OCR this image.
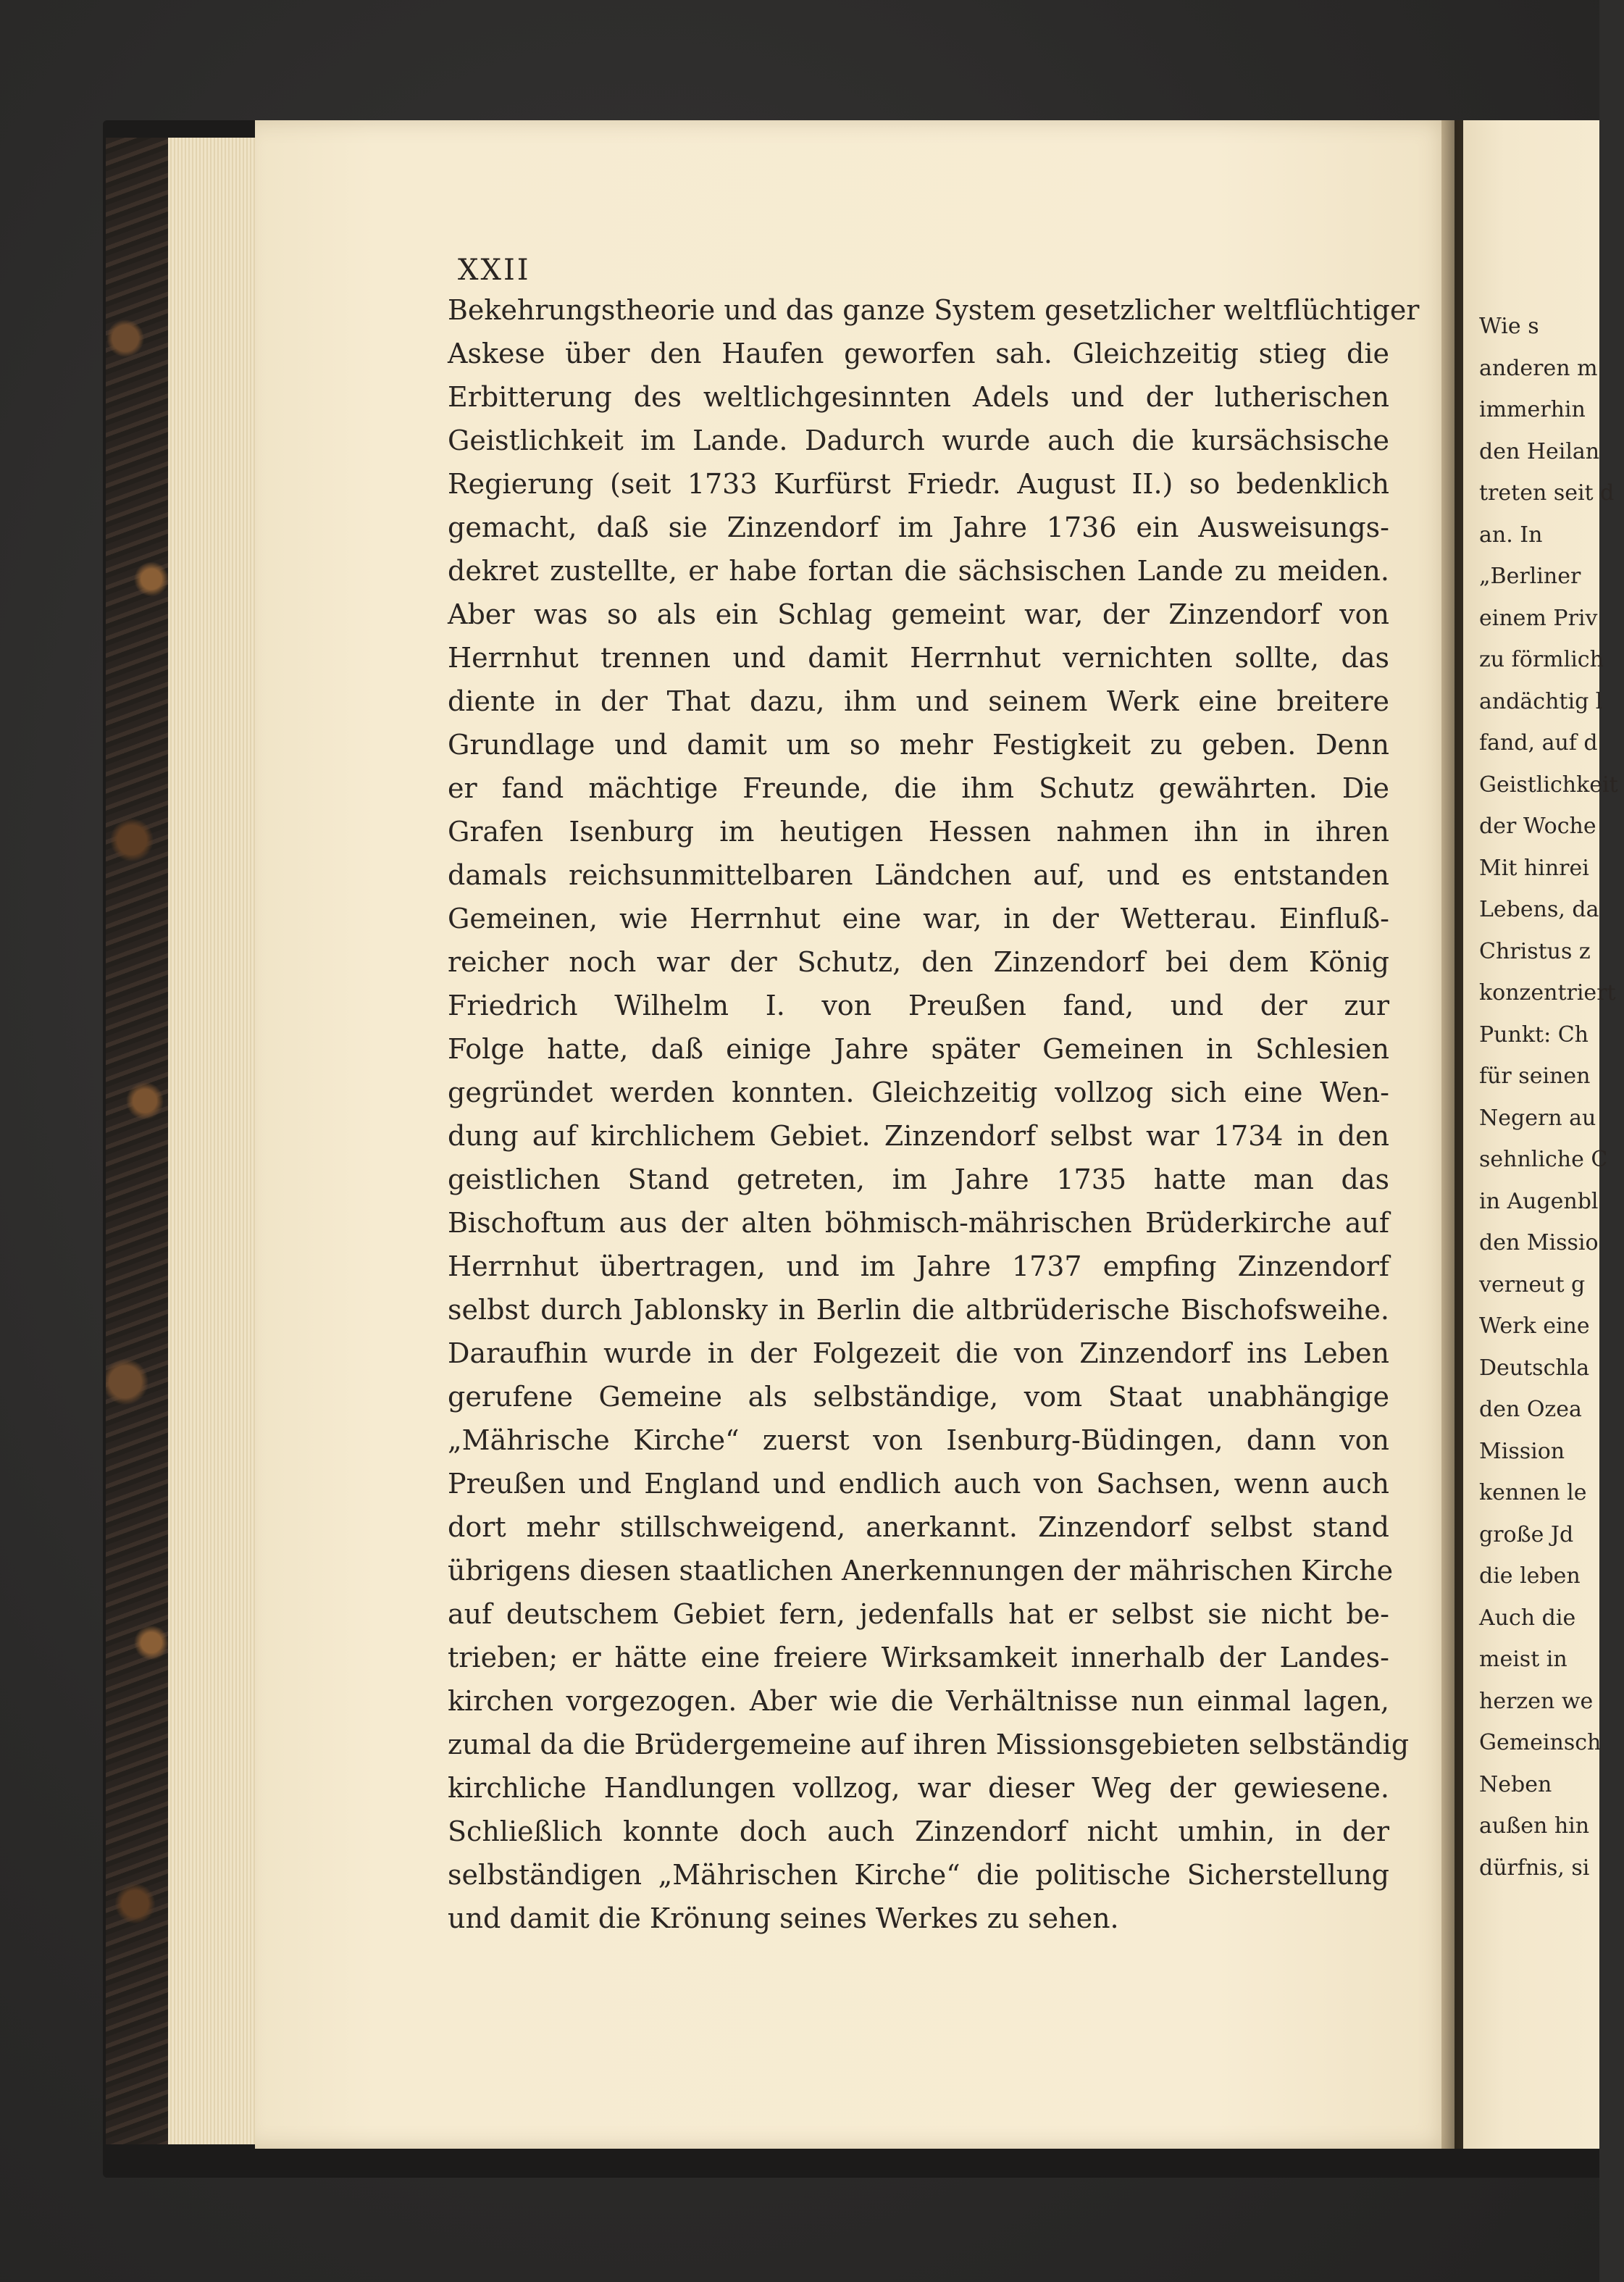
Wie s
anderen m
immerhin
den Heilan
treten seit d
an. In
„Berliner
einem Priv
zu förmlich
andächtig l
fand, auf d
Geistlichkeit
der Woche
Mit hinrei
Lebens, da
Christus z
konzentriert
Punkt: Ch
für seinen
Negern au
sehnliche C
in Augenbl
den Missio
verneut g
Werk eine
Deutschla
den Ozea
Mission
kennen le
große Jd
die leben
Auch die
meist in
herzen we
Gemeinsch
Neben
außen hin
dürfnis, si

XXII

Bekehrungstheorie und das ganze System gesetzlicher weltflüchtiger
Askese über den Haufen geworfen sah. Gleichzeitig stieg die
Erbitterung des weltlichgesinnten Adels und der lutherischen
Geistlichkeit im Lande. Dadurch wurde auch die kursächsische
Regierung (seit 1733 Kurfürst Friedr. August II.) so bedenklich
gemacht, daß sie Zinzendorf im Jahre 1736 ein Ausweisungs-
dekret zustellte, er habe fortan die sächsischen Lande zu meiden.
Aber was so als ein Schlag gemeint war, der Zinzendorf von
Herrnhut trennen und damit Herrnhut vernichten sollte, das
diente in der That dazu, ihm und seinem Werk eine breitere
Grundlage und damit um so mehr Festigkeit zu geben. Denn
er fand mächtige Freunde, die ihm Schutz gewährten. Die
Grafen Isenburg im heutigen Hessen nahmen ihn in ihren
damals reichsunmittelbaren Ländchen auf, und es entstanden
Gemeinen, wie Herrnhut eine war, in der Wetterau. Einfluß-
reicher noch war der Schutz, den Zinzendorf bei dem König
Friedrich Wilhelm I. von Preußen fand, und der zur
Folge hatte, daß einige Jahre später Gemeinen in Schlesien
gegründet werden konnten. Gleichzeitig vollzog sich eine Wen-
dung auf kirchlichem Gebiet. Zinzendorf selbst war 1734 in den
geistlichen Stand getreten, im Jahre 1735 hatte man das
Bischoftum aus der alten böhmisch-mährischen Brüderkirche auf
Herrnhut übertragen, und im Jahre 1737 empfing Zinzendorf
selbst durch Jablonsky in Berlin die altbrüderische Bischofsweihe.
Daraufhin wurde in der Folgezeit die von Zinzendorf ins Leben
gerufene Gemeine als selbständige, vom Staat unabhängige
„Mährische Kirche“ zuerst von Isenburg-Büdingen, dann von
Preußen und England und endlich auch von Sachsen, wenn auch
dort mehr stillschweigend, anerkannt. Zinzendorf selbst stand
übrigens diesen staatlichen Anerkennungen der mährischen Kirche
auf deutschem Gebiet fern, jedenfalls hat er selbst sie nicht be-
trieben; er hätte eine freiere Wirksamkeit innerhalb der Landes-
kirchen vorgezogen. Aber wie die Verhältnisse nun einmal lagen,
zumal da die Brüdergemeine auf ihren Missionsgebieten selbständig
kirchliche Handlungen vollzog, war dieser Weg der gewiesene.
Schließlich konnte doch auch Zinzendorf nicht umhin, in der
selbständigen „Mährischen Kirche“ die politische Sicherstellung
und damit die Krönung seines Werkes zu sehen.
